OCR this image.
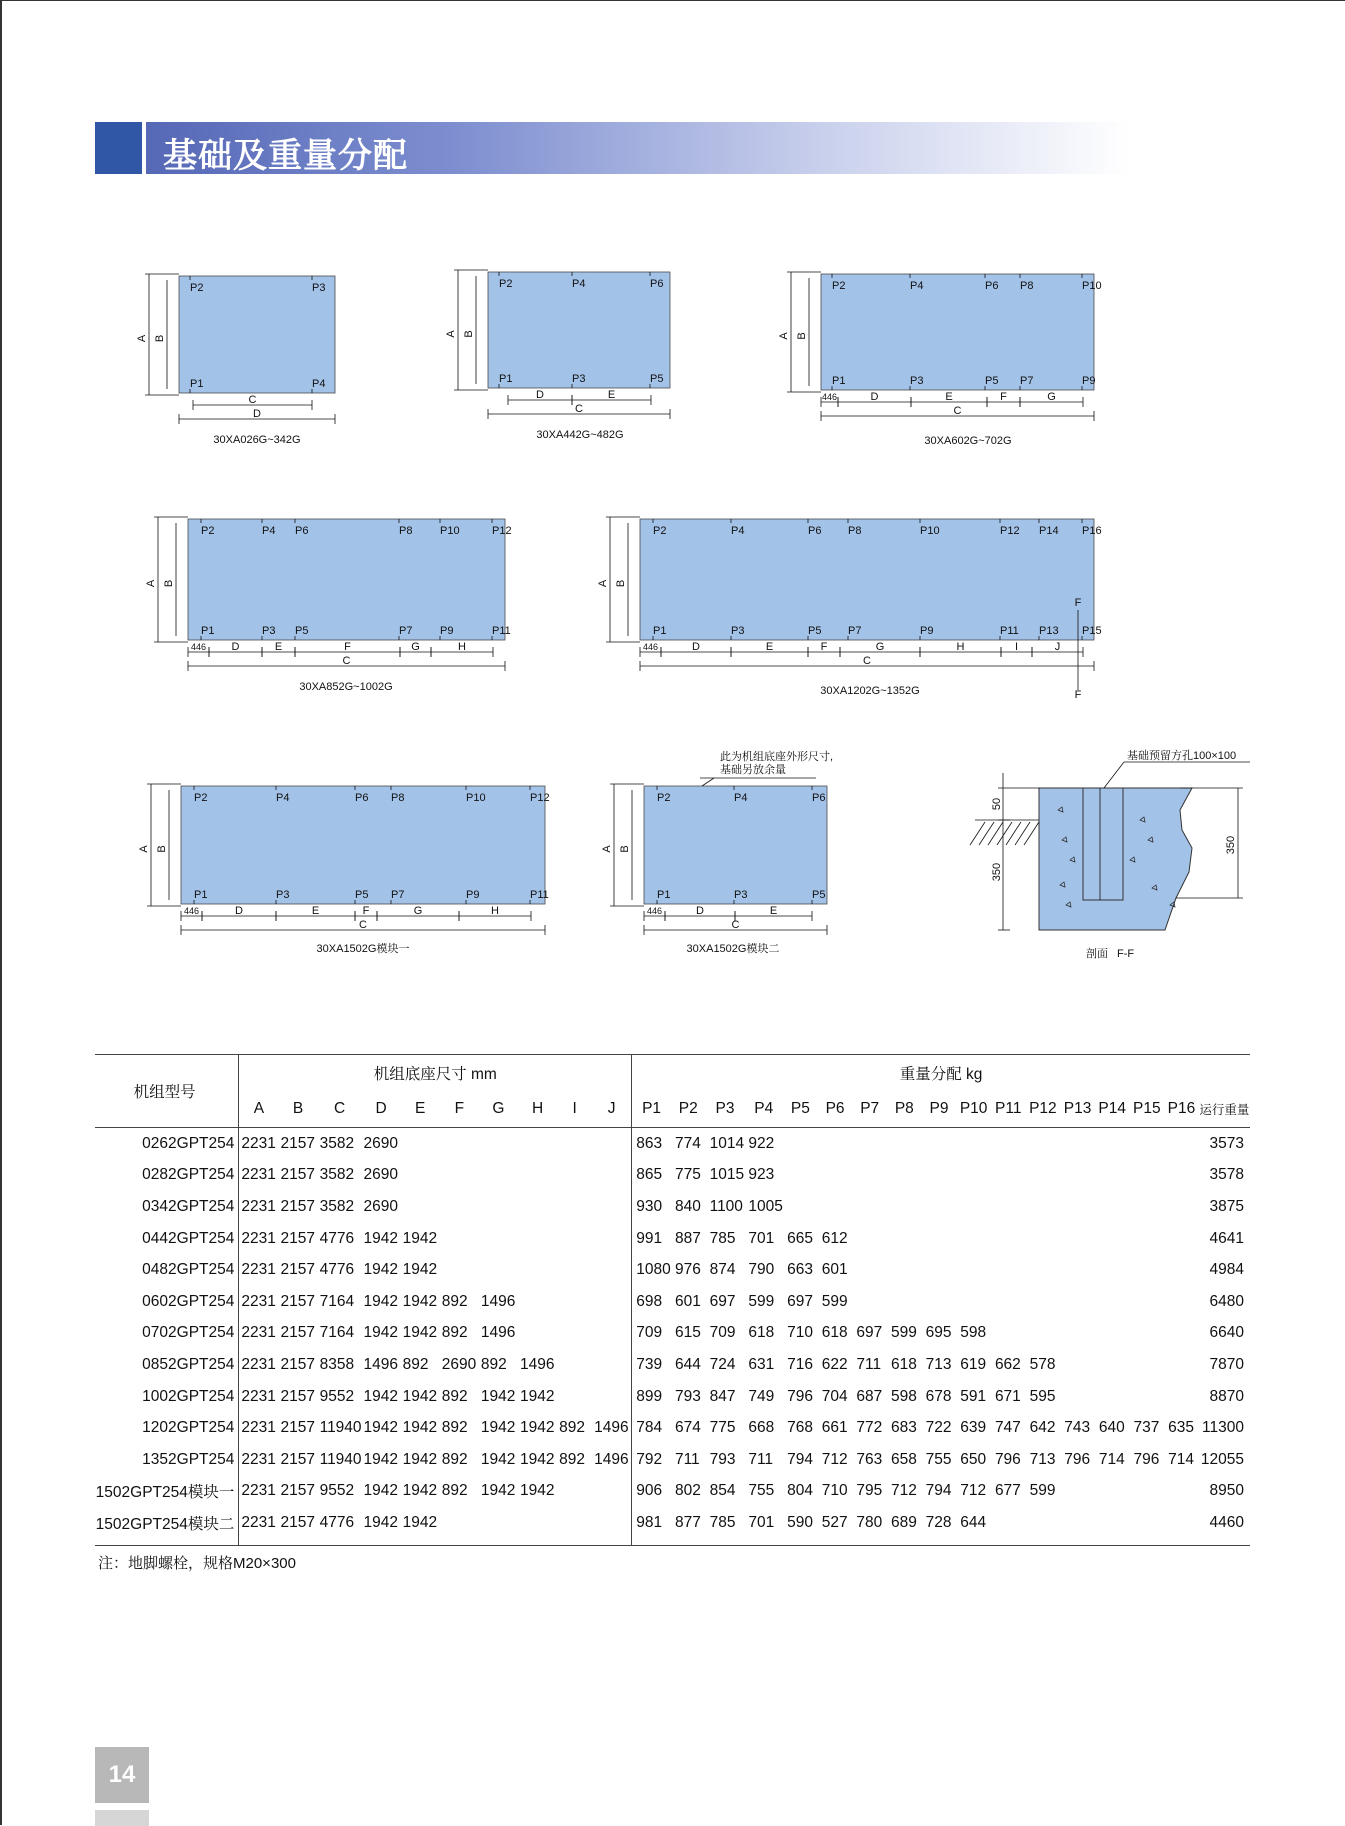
基础及重量分配
A B
P2	P3
P1	P4
C
D
30XA026G~342G
A B
P2	P4	P6
P1	P3	P5
D	E
C
30XA442G~482G
A B
P2	P4	P6 P8	P10
P1	P3	P5 P7	P9
446	D	E	F	G
C
30XA602G~702G
A B
P2	P4 P6	P8	P10	P12
P1	P3 P5	P7	P9	P11
446 D	E	F	G	H
C
30XA852G~1002G
A B
P2	P4	P6 P8	P10	P12 P14 P16
P1	P3	P5 P7	P9	P11 P13 P15
446	D	E	F	G	H	I	J
C
30XA1202G~1352G
F
F
A B
P2	P4	P6 P8	P10	P12
P1	P3	P5 P7	P9	P11
446	D	E	F	G	H
C
30XA1502G模块一
A B
P2	P4	P6
P1	P3	P5
446	D	E
C
30XA1502G模块二
此为机组底座外形尺寸,
基础另放余量
50
350
350
基础预留方孔100×100
剖面 F-F
机组型号	机组底座尺寸 mm										重量分配 kg																
	A	B	C	D	E	F	G	H	I	J	P1	P2	P3	P4	P5	P6	P7	P8	P9	P10	P11	P12	P13	P14	P15	P16	运行重量
0262GPT254	2231	2157	3582	2690							863	774	1014	922													3573
0282GPT254	2231	2157	3582	2690							865	775	1015	923													3578
0342GPT254	2231	2157	3582	2690							930	840	1100	1005													3875
0442GPT254	2231	2157	4776	1942	1942						991	887	785	701	665	612											4641
0482GPT254	2231	2157	4776	1942	1942						1080	976	874	790	663	601											4984
0602GPT254	2231	2157	7164	1942	1942	892	1496				698	601	697	599	697	599											6480
0702GPT254	2231	2157	7164	1942	1942	892	1496				709	615	709	618	710	618	697	599	695	598							6640
0852GPT254	2231	2157	8358	1496	892	2690	892	1496			739	644	724	631	716	622	711	618	713	619	662	578					7870
1002GPT254	2231	2157	9552	1942	1942	892	1942	1942			899	793	847	749	796	704	687	598	678	591	671	595					8870
1202GPT254	2231	2157	11940	1942	1942	892	1942	1942	892	1496	784	674	775	668	768	661	772	683	722	639	747	642	743	640	737	635	11300
1352GPT254	2231	2157	11940	1942	1942	892	1942	1942	892	1496	792	711	793	711	794	712	763	658	755	650	796	713	796	714	796	714	12055
1502GPT254模块一	2231	2157	9552	1942	1942	892	1942	1942			906	802	854	755	804	710	795	712	794	712	677	599					8950
1502GPT254模块二	2231	2157	4776	1942	1942						981	877	785	701	590	527	780	689	728	644							4460
注：地脚螺栓，规格M20×300
14
